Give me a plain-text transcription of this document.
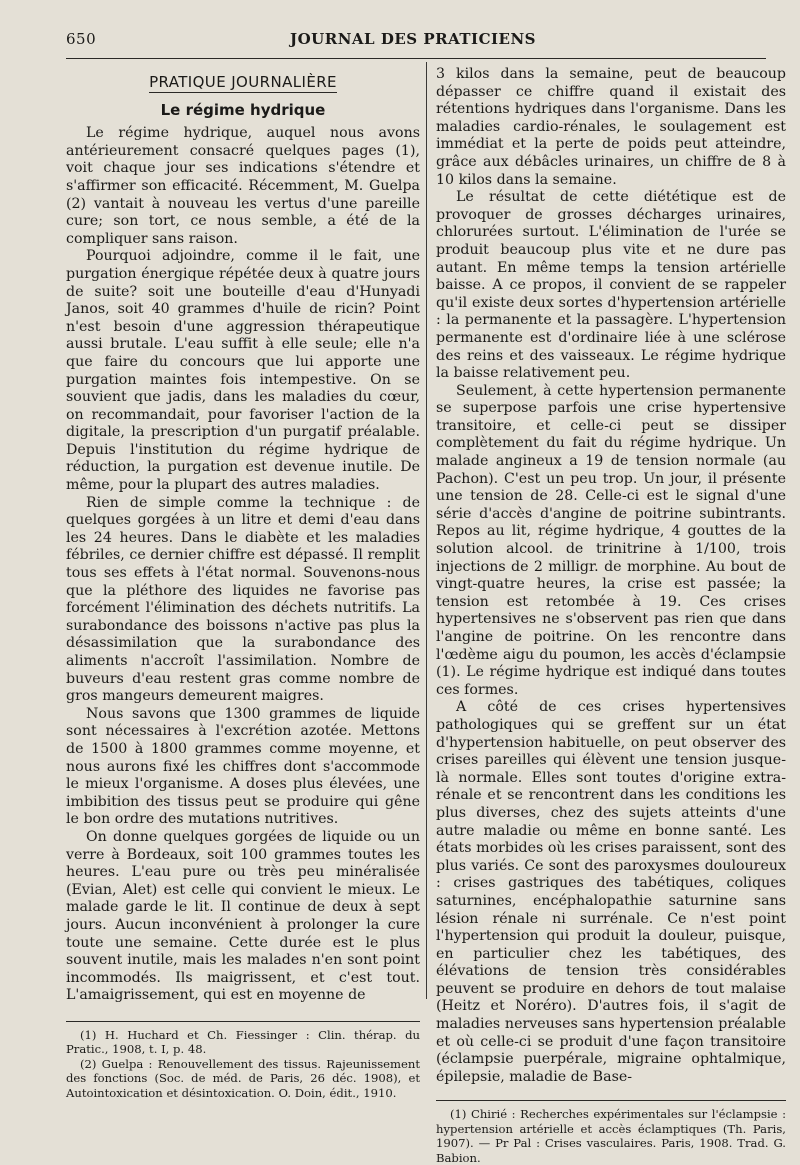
650	JOURNAL DES PRATICIENS
PRATIQUE JOURNALIÈRE
Le régime hydrique

Le régime hydrique, auquel nous avons antérieurement consacré quelques pages (1), voit chaque jour ses indications s'étendre et s'affirmer son efficacité. Récemment, M. Guelpa (2) vantait à nouveau les vertus d'une pareille cure; son tort, ce nous semble, a été de la compliquer sans raison.

Pourquoi adjoindre, comme il le fait, une purgation énergique répétée deux à quatre jours de suite? soit une bouteille d'eau d'Hunyadi Janos, soit 40 grammes d'huile de ricin? Point n'est besoin d'une aggression thérapeutique aussi brutale. L'eau suffit à elle seule; elle n'a que faire du concours que lui apporte une purgation maintes fois intempestive. On se souvient que jadis, dans les maladies du cœur, on recommandait, pour favoriser l'action de la digitale, la prescription d'un purgatif préalable. Depuis l'institution du régime hydrique de réduction, la purgation est devenue inutile. De même, pour la plupart des autres maladies.

Rien de simple comme la technique : de quelques gorgées à un litre et demi d'eau dans les 24 heures. Dans le diabète et les maladies fébriles, ce dernier chiffre est dépassé. Il remplit tous ses effets à l'état normal. Souvenons-nous que la pléthore des liquides ne favorise pas forcément l'élimination des déchets nutritifs. La surabondance des boissons n'active pas plus la désassimilation que la surabondance des aliments n'accroît l'assimilation. Nombre de buveurs d'eau restent gras comme nombre de gros mangeurs demeurent maigres.

Nous savons que 1300 grammes de liquide sont nécessaires à l'excrétion azotée. Mettons de 1500 à 1800 grammes comme moyenne, et nous aurons fixé les chiffres dont s'accommode le mieux l'organisme. A doses plus élevées, une imbibition des tissus peut se produire qui gêne le bon ordre des mutations nutritives.

On donne quelques gorgées de liquide ou un verre à Bordeaux, soit 100 grammes toutes les heures. L'eau pure ou très peu minéralisée (Evian, Alet) est celle qui convient le mieux. Le malade garde le lit. Il continue de deux à sept jours. Aucun inconvénient à prolonger la cure toute une semaine. Cette durée est le plus souvent inutile, mais les malades n'en sont point incommodés. Ils maigrissent, et c'est tout. L'amaigrissement, qui est en moyenne de

(1) H. Huchard et Ch. Fiessinger : Clin. thérap. du Pratic., 1908, t. I, p. 48.

(2) Guelpa : Renouvellement des tissus. Rajeunissement des fonctions (Soc. de méd. de Paris, 26 déc. 1908), et Autointoxication et désintoxication. O. Doin, édit., 1910.

3 kilos dans la semaine, peut de beaucoup dépasser ce chiffre quand il existait des rétentions hydriques dans l'organisme. Dans les maladies cardio-rénales, le soulagement est immédiat et la perte de poids peut atteindre, grâce aux débâcles urinaires, un chiffre de 8 à 10 kilos dans la semaine.

Le résultat de cette diététique est de provoquer de grosses décharges urinaires, chlorurées surtout. L'élimination de l'urée se produit beaucoup plus vite et ne dure pas autant. En même temps la tension artérielle baisse. A ce propos, il convient de se rappeler qu'il existe deux sortes d'hypertension artérielle : la permanente et la passagère. L'hypertension permanente est d'ordinaire liée à une sclérose des reins et des vaisseaux. Le régime hydrique la baisse relativement peu.

Seulement, à cette hypertension permanente se superpose parfois une crise hypertensive transitoire, et celle-ci peut se dissiper complètement du fait du régime hydrique. Un malade angineux a 19 de tension normale (au Pachon). C'est un peu trop. Un jour, il présente une tension de 28. Celle-ci est le signal d'une série d'accès d'angine de poitrine subintrants. Repos au lit, régime hydrique, 4 gouttes de la solution alcool. de trinitrine à 1/100, trois injections de 2 milligr. de morphine. Au bout de vingt-quatre heures, la crise est passée; la tension est retombée à 19. Ces crises hypertensives ne s'observent pas rien que dans l'angine de poitrine. On les rencontre dans l'œdème aigu du poumon, les accès d'éclampsie (1). Le régime hydrique est indiqué dans toutes ces formes.

A côté de ces crises hypertensives pathologiques qui se greffent sur un état d'hypertension habituelle, on peut observer des crises pareilles qui élèvent une tension jusque-là normale. Elles sont toutes d'origine extra-rénale et se rencontrent dans les conditions les plus diverses, chez des sujets atteints d'une autre maladie ou même en bonne santé. Les états morbides où les crises paraissent, sont des plus variés. Ce sont des paroxysmes douloureux : crises gastriques des tabétiques, coliques saturnines, encéphalopathie saturnine sans lésion rénale ni surrénale. Ce n'est point l'hypertension qui produit la douleur, puisque, en particulier chez les tabétiques, des élévations de tension très considérables peuvent se produire en dehors de tout malaise (Heitz et Noréro). D'autres fois, il s'agit de maladies nerveuses sans hypertension préalable et où celle-ci se produit d'une façon transitoire (éclampsie puerpérale, migraine ophtalmique, épilepsie, maladie de Base-

(1) Chirié : Recherches expérimentales sur l'éclampsie : hypertension artérielle et accès éclamptiques (Th. Paris, 1907). — Pr Pal : Crises vasculaires. Paris, 1908. Trad. G. Babion.
